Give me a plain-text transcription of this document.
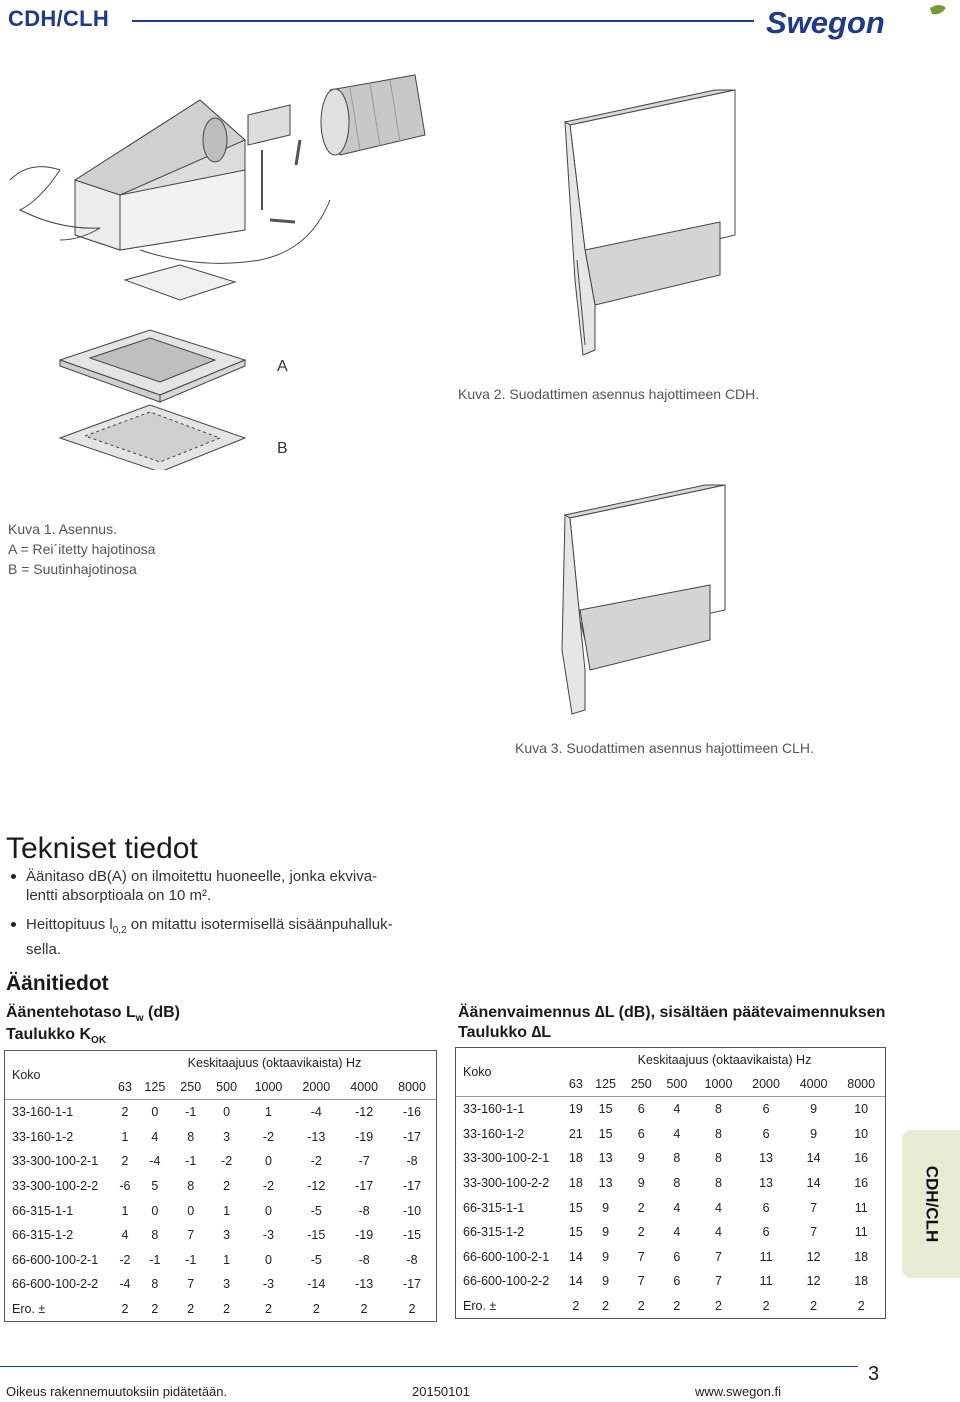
CDH/CLH	Swegon
A
B
Kuva 1. Asennus.
A = Rei´itetty hajotinosa
B = Suutinhajotinosa
Kuva 2. Suodattimen asennus hajottimeen CDH.
Kuva 3. Suodattimen asennus hajottimeen CLH.
Tekniset tiedot
Äänitaso dB(A) on ilmoitettu huoneelle, jonka ekviva-
lentti absorptioala on 10 m².
Heittopituus $l_{0,2}$ on mitattu isotermisellä sisäänpuhalluk-
sella.
Äänitiedot
Äänentehotaso $L_w$ (dB)
Taulukko $K_{OK}$
Koko	Keskitaajuus (oktaavikaista) Hz							
	63	125	250	500	1000	2000	4000	8000
33-160-1-1	2	0	-1	0	1	-4	-12	-16
33-160-1-2	1	4	8	3	-2	-13	-19	-17
33-300-100-2-1	2	-4	-1	-2	0	-2	-7	-8
33-300-100-2-2	-6	5	8	2	-2	-12	-17	-17
66-315-1-1	1	0	0	1	0	-5	-8	-10
66-315-1-2	4	8	7	3	-3	-15	-19	-15
66-600-100-2-1	-2	-1	-1	1	0	-5	-8	-8
66-600-100-2-2	-4	8	7	3	-3	-14	-13	-17
Ero. ±	2	2	2	2	2	2	2	2
Äänenvaimennus ∆L (dB), sisältäen päätevaimennuksen
Taulukko ∆L
Koko	Keskitaajuus (oktaavikaista) Hz							
	63	125	250	500	1000	2000	4000	8000
33-160-1-1	19	15	6	4	8	6	9	10
33-160-1-2	21	15	6	4	8	6	9	10
33-300-100-2-1	18	13	9	8	8	13	14	16
33-300-100-2-2	18	13	9	8	8	13	14	16
66-315-1-1	15	9	2	4	4	6	7	11
66-315-1-2	15	9	2	4	4	6	7	11
66-600-100-2-1	14	9	7	6	7	11	12	18
66-600-100-2-2	14	9	7	6	7	11	12	18
Ero. ±	2	2	2	2	2	2	2	2
CDH/CLH
3
Oikeus rakennemuutoksiin pidätetään.	20150101	www.swegon.fi
